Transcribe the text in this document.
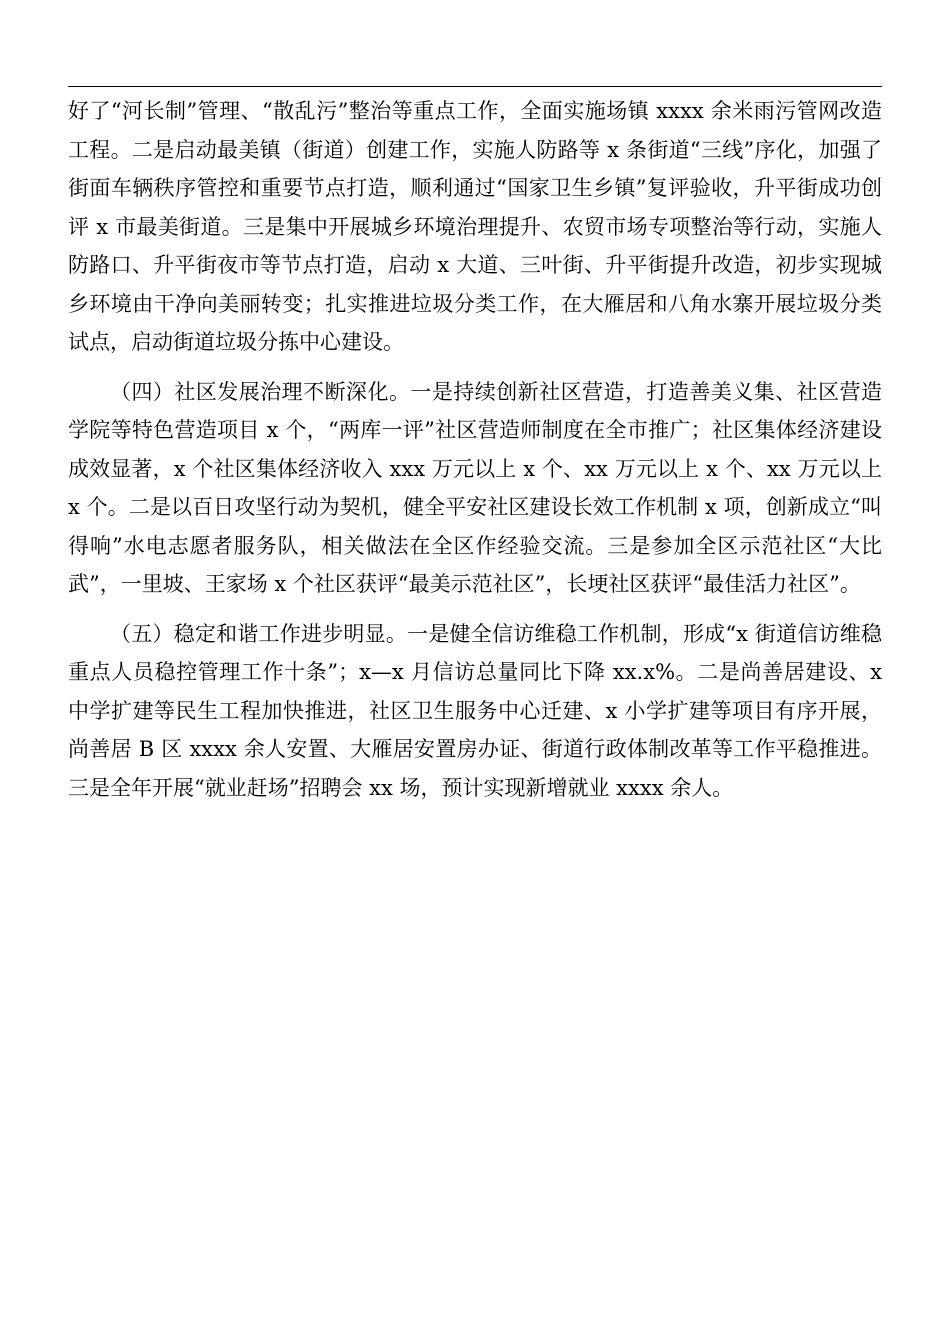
好了“河长制”管理、“散乱污”整治等重点工作，全面实施场镇 xxxx 余米雨污管网改造工程。二是启动最美镇（街道）创建工作，实施人防路等 x 条街道“三线”序化，加强了街面车辆秩序管控和重要节点打造，顺利通过“国家卫生乡镇”复评验收，升平街成功创评 x 市最美街道。三是集中开展城乡环境治理提升、农贸市场专项整治等行动，实施人防路口、升平街夜市等节点打造，启动 x 大道、三叶街、升平街提升改造，初步实现城乡环境由干净向美丽转变；扎实推进垃圾分类工作，在大雁居和八角水寨开展垃圾分类试点，启动街道垃圾分拣中心建设。

（四）社区发展治理不断深化。一是持续创新社区营造，打造善美义集、社区营造学院等特色营造项目 x 个，“两库一评”社区营造师制度在全市推广；社区集体经济建设成效显著，x 个社区集体经济收入 xxx 万元以上 x 个、xx 万元以上 x 个、xx 万元以上 x 个。二是以百日攻坚行动为契机，健全平安社区建设长效工作机制 x 项，创新成立“叫得响”水电志愿者服务队，相关做法在全区作经验交流。三是参加全区示范社区“大比武”，一里坡、王家场 x 个社区获评“最美示范社区”，长埂社区获评“最佳活力社区”。

（五）稳定和谐工作进步明显。一是健全信访维稳工作机制，形成“x 街道信访维稳重点人员稳控管理工作十条”；x—x 月信访总量同比下降 xx.x%。二是尚善居建设、x 中学扩建等民生工程加快推进，社区卫生服务中心迁建、x 小学扩建等项目有序开展，尚善居 B 区 xxxx 余人安置、大雁居安置房办证、街道行政体制改革等工作平稳推进。三是全年开展“就业赶场”招聘会 xx 场，预计实现新增就业 xxxx 余人。
